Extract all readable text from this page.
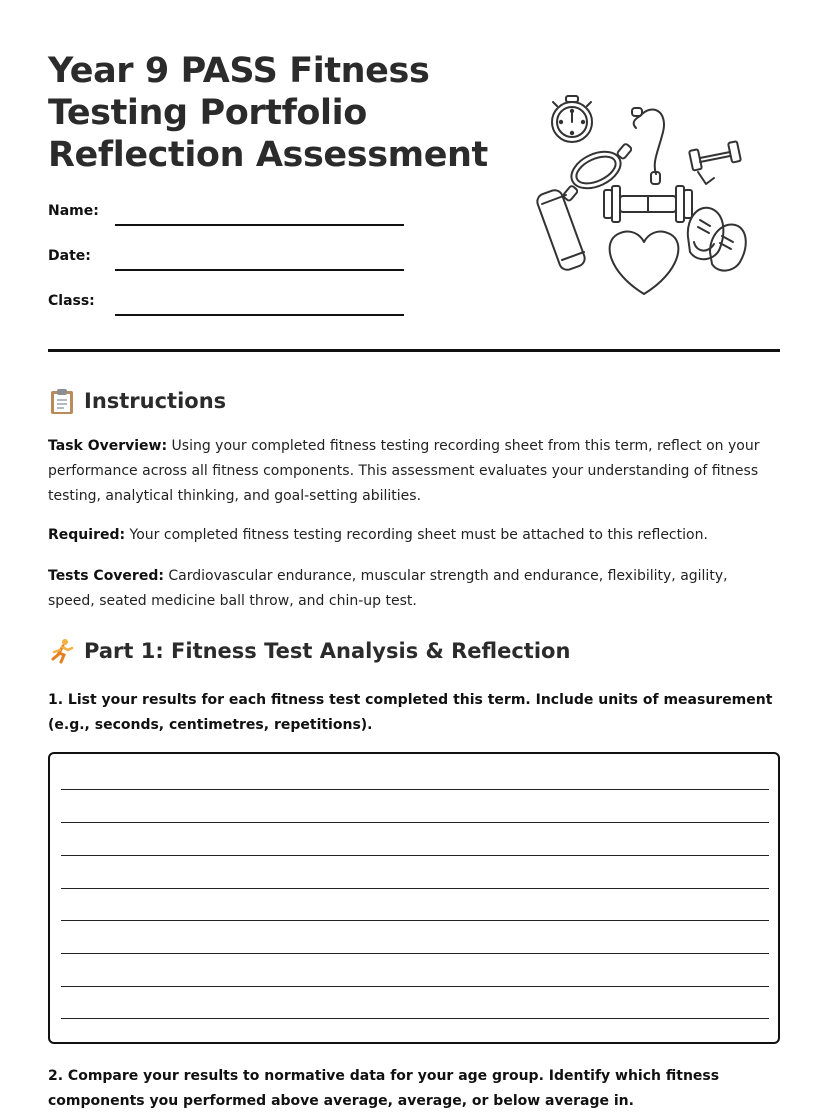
Year 9 PASS Fitness Testing Portfolio Reflection Assessment
Name:
Date:
Class:
Instructions

Task Overview: Using your completed fitness testing recording sheet from this term, reflect on your performance across all fitness components. This assessment evaluates your understanding of fitness testing, analytical thinking, and goal-setting abilities.

Required: Your completed fitness testing recording sheet must be attached to this reflection.

Tests Covered: Cardiovascular endurance, muscular strength and endurance, flexibility, agility, speed, seated medicine ball throw, and chin-up test.

Part 1: Fitness Test Analysis & Reflection

1. List your results for each fitness test completed this term. Include units of measurement (e.g., seconds, centimetres, repetitions).

2. Compare your results to normative data for your age group. Identify which fitness components you performed above average, average, or below average in.
